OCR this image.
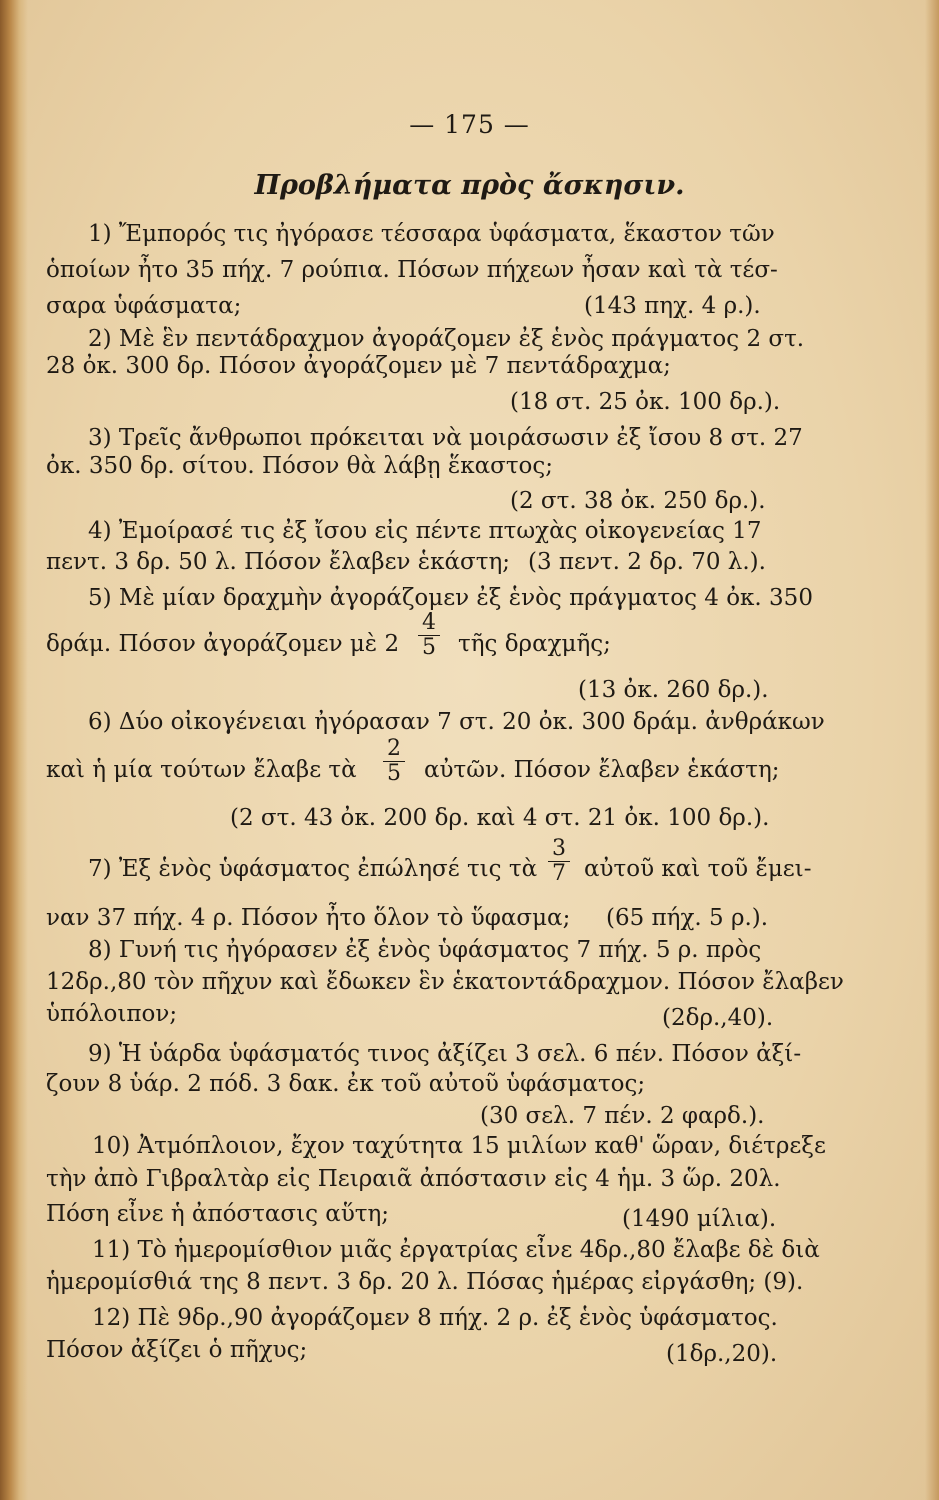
— 175 —
Προβλήματα πρὸς ἄσκησιν.
1) Ἔμπορός τις ἠγόρασε τέσσαρα ὑφάσματα, ἕκαστον τῶν
ὁποίων ἦτο 35 πήχ. 7 ρούπια. Πόσων πήχεων ἦσαν καὶ τὰ τέσ-
σαρα ὑφάσματα;	(143 πηχ. 4 ρ.).
2) Μὲ ἓν πεντάδραχμον ἀγοράζομεν ἐξ ἑνὸς πράγματος 2 στ.
28 ὀκ. 300 δρ. Πόσον ἀγοράζομεν μὲ 7 πεντάδραχμα;
(18 στ. 25 ὀκ. 100 δρ.).
3) Τρεῖς ἄνθρωποι πρόκειται νὰ μοιράσωσιν ἐξ ἴσου 8 στ. 27
ὀκ. 350 δρ. σίτου. Πόσον θὰ λάβῃ ἕκαστος;
(2 στ. 38 ὀκ. 250 δρ.).
4) Ἐμοίρασέ τις ἐξ ἴσου εἰς πέντε πτωχὰς οἰκογενείας 17
πεντ. 3 δρ. 50 λ. Πόσον ἔλαβεν ἑκάστη; (3 πεντ. 2 δρ. 70 λ.).
5) Μὲ μίαν δραχμὴν ἀγοράζομεν ἐξ ἑνὸς πράγματος 4 ὀκ. 350
δράμ. Πόσον ἀγοράζομεν μὲ 2
4
5 τῆς δραχμῆς;
(13 ὀκ. 260 δρ.).
6) Δύο οἰκογένειαι ἠγόρασαν 7 στ. 20 ὀκ. 300 δράμ. ἀνθράκων
καὶ ἡ μία τούτων ἔλαβε τὰ
2
5 αὐτῶν. Πόσον ἔλαβεν ἑκάστη;
(2 στ. 43 ὀκ. 200 δρ. καὶ 4 στ. 21 ὀκ. 100 δρ.).
7) Ἐξ ἑνὸς ὑφάσματος ἐπώλησέ τις τὰ
3
7 αὐτοῦ καὶ τοῦ ἔμει-
ναν 37 πήχ. 4 ρ. Πόσον ἦτο ὅλον τὸ ὕφασμα; (65 πήχ. 5 ρ.).
8) Γυνή τις ἠγόρασεν ἐξ ἑνὸς ὑφάσματος 7 πήχ. 5 ρ. πρὸς
12δρ.,80 τὸν πῆχυν καὶ ἔδωκεν ἓν ἑκατοντάδραχμον. Πόσον ἔλαβεν
ὑπόλοιπον;	(2δρ.,40).
9) Ἡ ὑάρδα ὑφάσματός τινος ἀξίζει 3 σελ. 6 πέν. Πόσον ἀξί-
ζουν 8 ὑάρ. 2 πόδ. 3 δακ. ἐκ τοῦ αὐτοῦ ὑφάσματος;
(30 σελ. 7 πέν. 2 φαρδ.).
10) Ἀτμόπλοιον, ἔχον ταχύτητα 15 μιλίων καθ' ὥραν, διέτρεξε
τὴν ἀπὸ Γιβραλτὰρ εἰς Πειραιᾶ ἀπόστασιν εἰς 4 ἡμ. 3 ὥρ. 20λ.
Πόση εἶνε ἡ ἀπόστασις αὕτη;	(1490 μίλια).
11) Τὸ ἡμερομίσθιον μιᾶς ἐργατρίας εἶνε 4δρ.,80 ἔλαβε δὲ διὰ
ἡμερομίσθιά της 8 πεντ. 3 δρ. 20 λ. Πόσας ἡμέρας εἰργάσθη; (9).
12) Πὲ 9δρ.,90 ἀγοράζομεν 8 πήχ. 2 ρ. ἐξ ἑνὸς ὑφάσματος.
Πόσον ἀξίζει ὁ πῆχυς;	(1δρ.,20).
